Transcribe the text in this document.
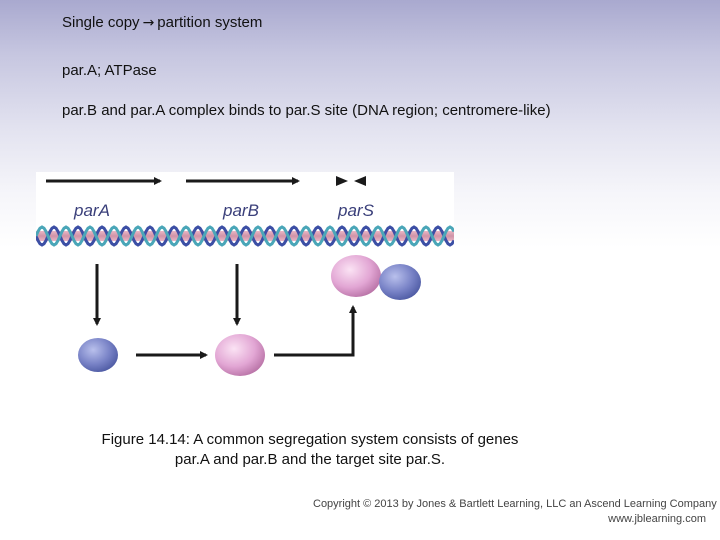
Single copy → partition system
par.A; ATPase
par.B and par.A complex binds to par.S site (DNA region; centromere-like)
parA	parB	parS
Figure 14.14: A common segregation system consists of genes par.A and par.B and the target site par.S.
Copyright © 2013 by Jones & Bartlett Learning, LLC an Ascend Learning Company
www.jblearning.com
